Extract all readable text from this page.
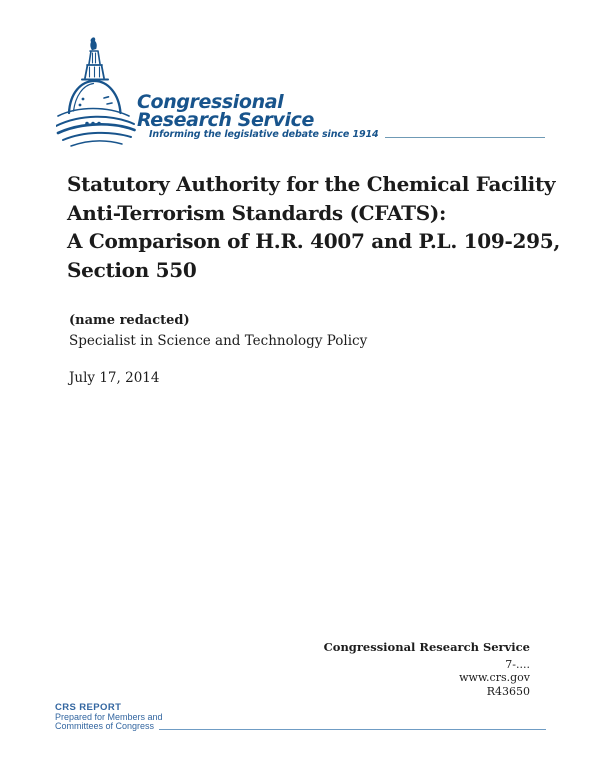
Congressional
Research Service
Informing the legislative debate since 1914
Statutory Authority for the Chemical Facility
Anti-Terrorism Standards (CFATS):
A Comparison of H.R. 4007 and P.L. 109-295,
Section 550
(name redacted)
Specialist in Science and Technology Policy
July 17, 2014
Congressional Research Service
7-....
www.crs.gov
R43650
CRS REPORT
Prepared for Members and
Committees of Congress
